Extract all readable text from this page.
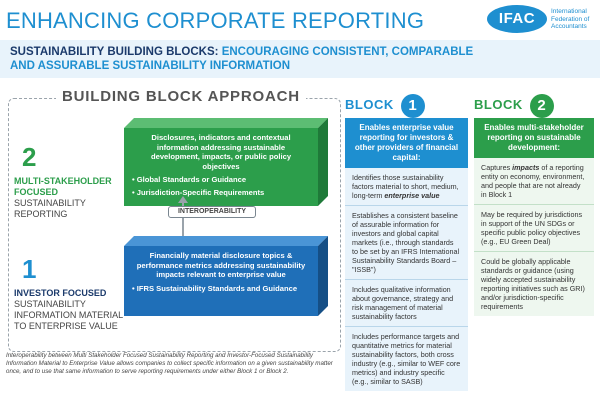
ENHANCING CORPORATE REPORTING	IFAC	International Federation of Accountants
SUSTAINABILITY BUILDING BLOCKS: ENCOURAGING CONSISTENT, COMPARABLE
AND ASSURABLE SUSTAINABILITY INFORMATION
BUILDING BLOCK APPROACH
2
MULTI-STAKEHOLDER
FOCUSED
SUSTAINABILITY
REPORTING
Disclosures, indicators and contextual information addressing sustainable development, impacts, or public policy objectives
• Global Standards or Guidance
• Jurisdiction-Specific Requirements
INTEROPERABILITY
1
INVESTOR FOCUSED
SUSTAINABILITY
INFORMATION MATERIAL
TO ENTERPRISE VALUE
Financially material disclosure topics & performance metrics addressing sustainability impacts relevant to enterprise value
• IFRS Sustainability Standards and Guidance
Interoperability between Multi Stakeholder Focused Sustainability Reporting and Investor-Focused Sustainability Information Material to Enterprise Value allows companies to collect specific information on a given sustainability matter once, and to use that same information to serve reporting requirements under either Block 1 or Block 2.
BLOCK 1
Enables enterprise value reporting for investors & other providers of financial capital:
Identifies those sustainability factors material to short, medium, long-term enterprise value
Establishes a consistent baseline of assurable information for investors and global capital markets (i.e., through standards to be set by an IFRS International Sustainability Standards Board – "ISSB")
Includes qualitative information about governance, strategy and risk management of material sustainability factors
Includes performance targets and quantitative metrics for material sustainability factors, both cross industry (e.g., similar to WEF core metrics) and industry specific (e.g., similar to SASB)
BLOCK 2
Enables multi-stakeholder reporting on sustainable development:
Captures impacts of a reporting entity on economy, environment, and people that are not already in Block 1
May be required by jurisdictions in support of the UN SDGs or specific public policy objectives (e.g., EU Green Deal)
Could be globally applicable standards or guidance (using widely accepted sustainability reporting initiatives such as GRI) and/or jurisdiction-specific requirements
